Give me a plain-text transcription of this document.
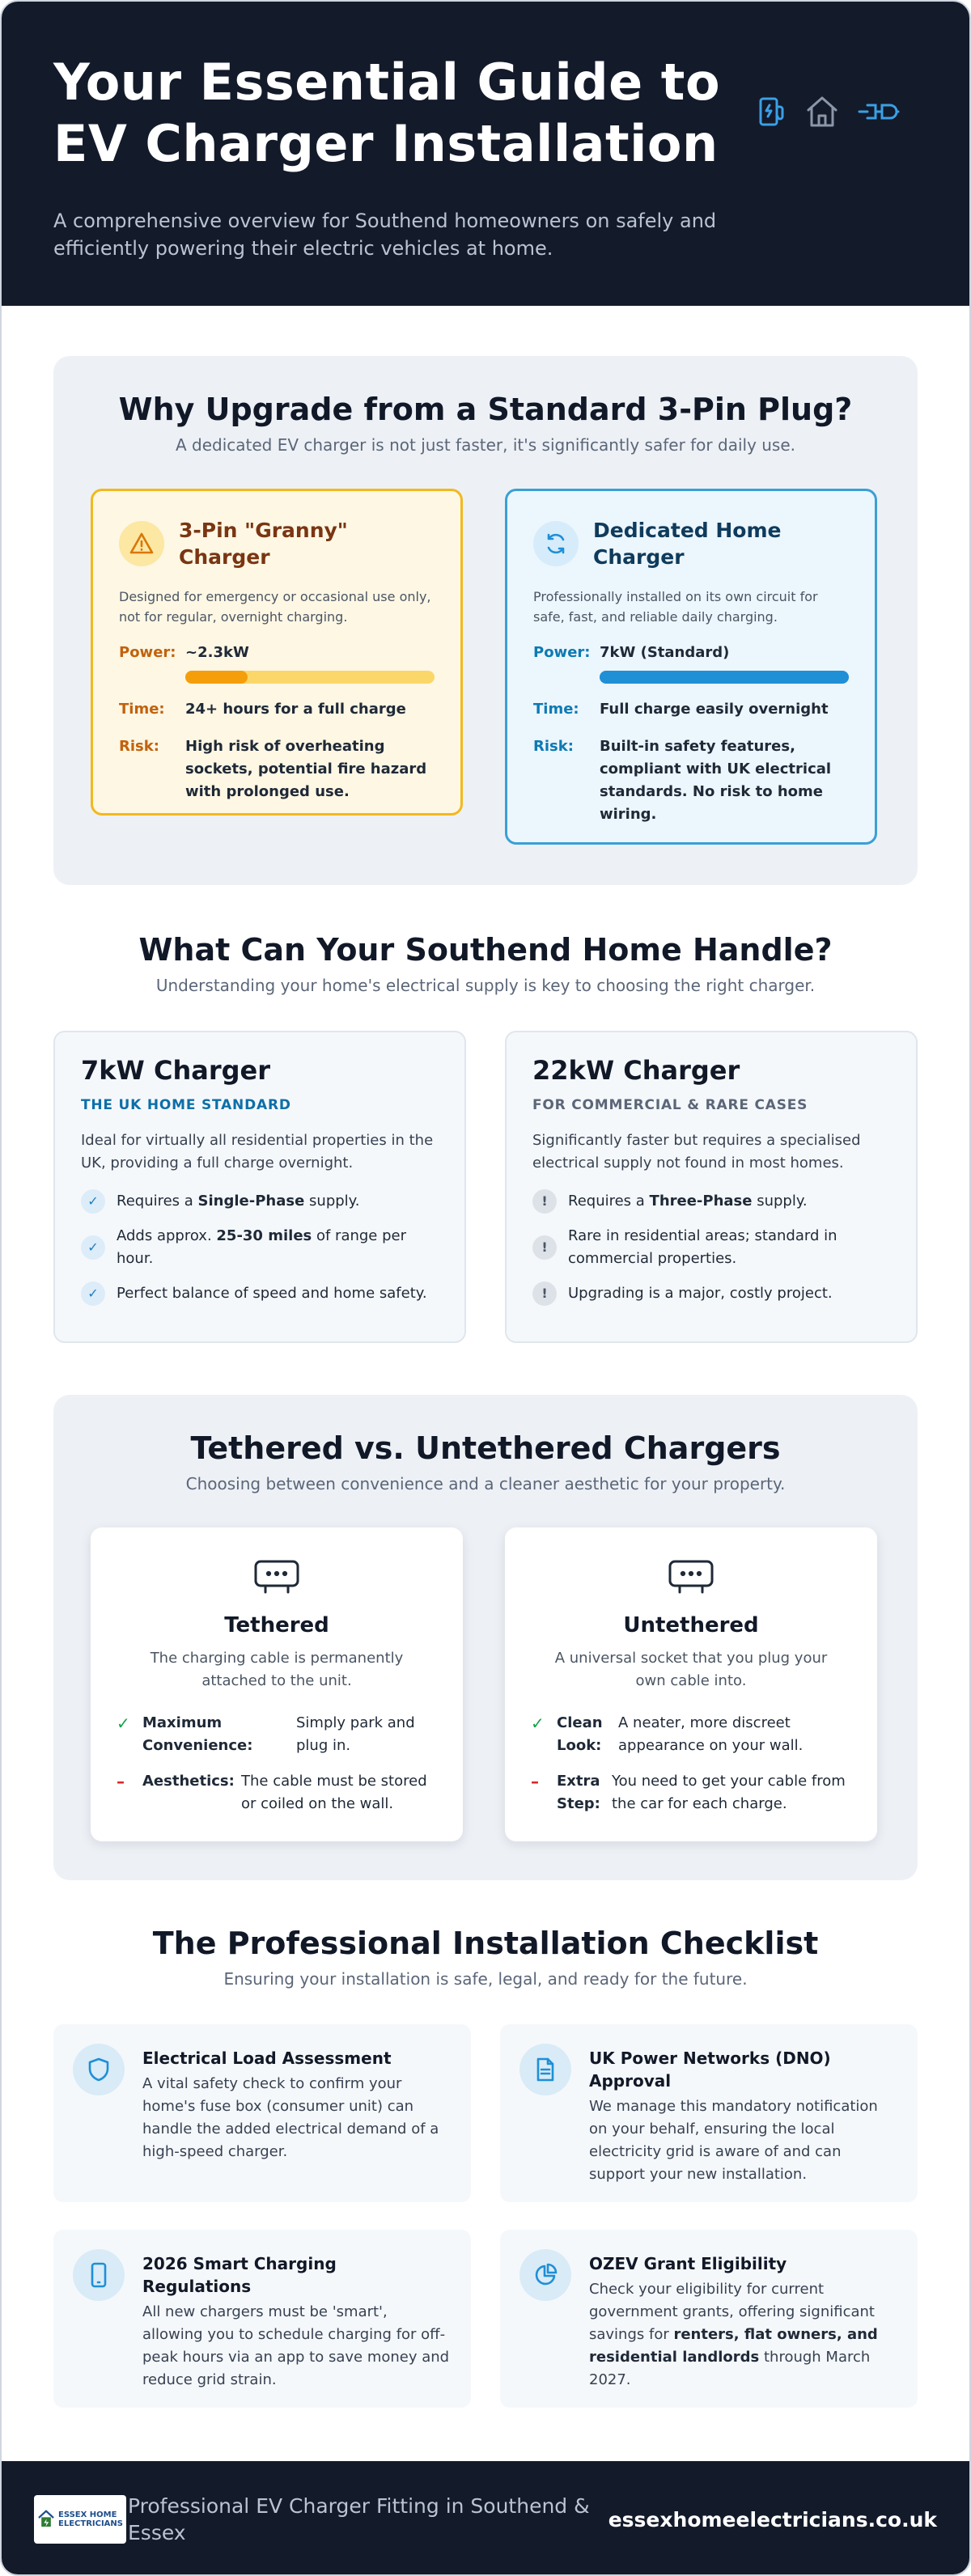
Your Essential Guide to EV Charger Installation

A comprehensive overview for Southend homeowners on safely and efficiently powering their electric vehicles at home.

Why Upgrade from a Standard 3-Pin Plug?
A dedicated EV charger is not just faster, it's significantly safer for daily use.
3-Pin "Granny" Charger
Designed for emergency or occasional use only, not for regular, overnight charging.
Power: ~2.3kW
Time:	24+ hours for a full charge
Risk:	High risk of overheating sockets, potential fire hazard with prolonged use.
Dedicated Home Charger
Professionally installed on its own circuit for safe, fast, and reliable daily charging.
Power: 7kW (Standard)
Time:	Full charge easily overnight
Risk:	Built-in safety features, compliant with UK electrical standards. No risk to home wiring.
What Can Your Southend Home Handle?
Understanding your home's electrical supply is key to choosing the right charger.
7kW Charger
THE UK HOME STANDARD
Ideal for virtually all residential properties in the UK, providing a full charge overnight.
✓	Requires a Single-Phase supply.
✓
Adds approx. 25-30 miles of range per hour.
✓	Perfect balance of speed and home safety.
22kW Charger
FOR COMMERCIAL & RARE CASES
Significantly faster but requires a specialised electrical supply not found in most homes.
!	Requires a Three-Phase supply.
!
Rare in residential areas; standard in commercial properties.
!	Upgrading is a major, costly project.
Tethered vs. Untethered Chargers
Choosing between convenience and a cleaner aesthetic for your property.
Tethered
The charging cable is permanently attached to the unit.
✓ Maximum Convenience:
Simply park and plug in.
–	Aesthetics: The cable must be stored or coiled on the wall.
Untethered
A universal socket that you plug your own cable into.
✓ Clean Look:
A neater, more discreet appearance on your wall.
–	Extra Step:
You need to get your cable from the car for each charge.
The Professional Installation Checklist
Ensuring your installation is safe, legal, and ready for the future.
Electrical Load Assessment

A vital safety check to confirm your home's fuse box (consumer unit) can handle the added electrical demand of a high-speed charger.

UK Power Networks (DNO) Approval

We manage this mandatory notification on your behalf, ensuring the local electricity grid is aware of and can support your new installation.

2026 Smart Charging Regulations

All new chargers must be 'smart', allowing you to schedule charging for off-peak hours via an app to save money and reduce grid strain.

OZEV Grant Eligibility

Check your eligibility for current government grants, offering significant savings for renters, flat owners, and residential landlords through March 2027.

ESSEX HOME
ELECTRICIANS
Professional EV Charger Fitting in Southend & Essex
essexhomeelectricians.co.uk
